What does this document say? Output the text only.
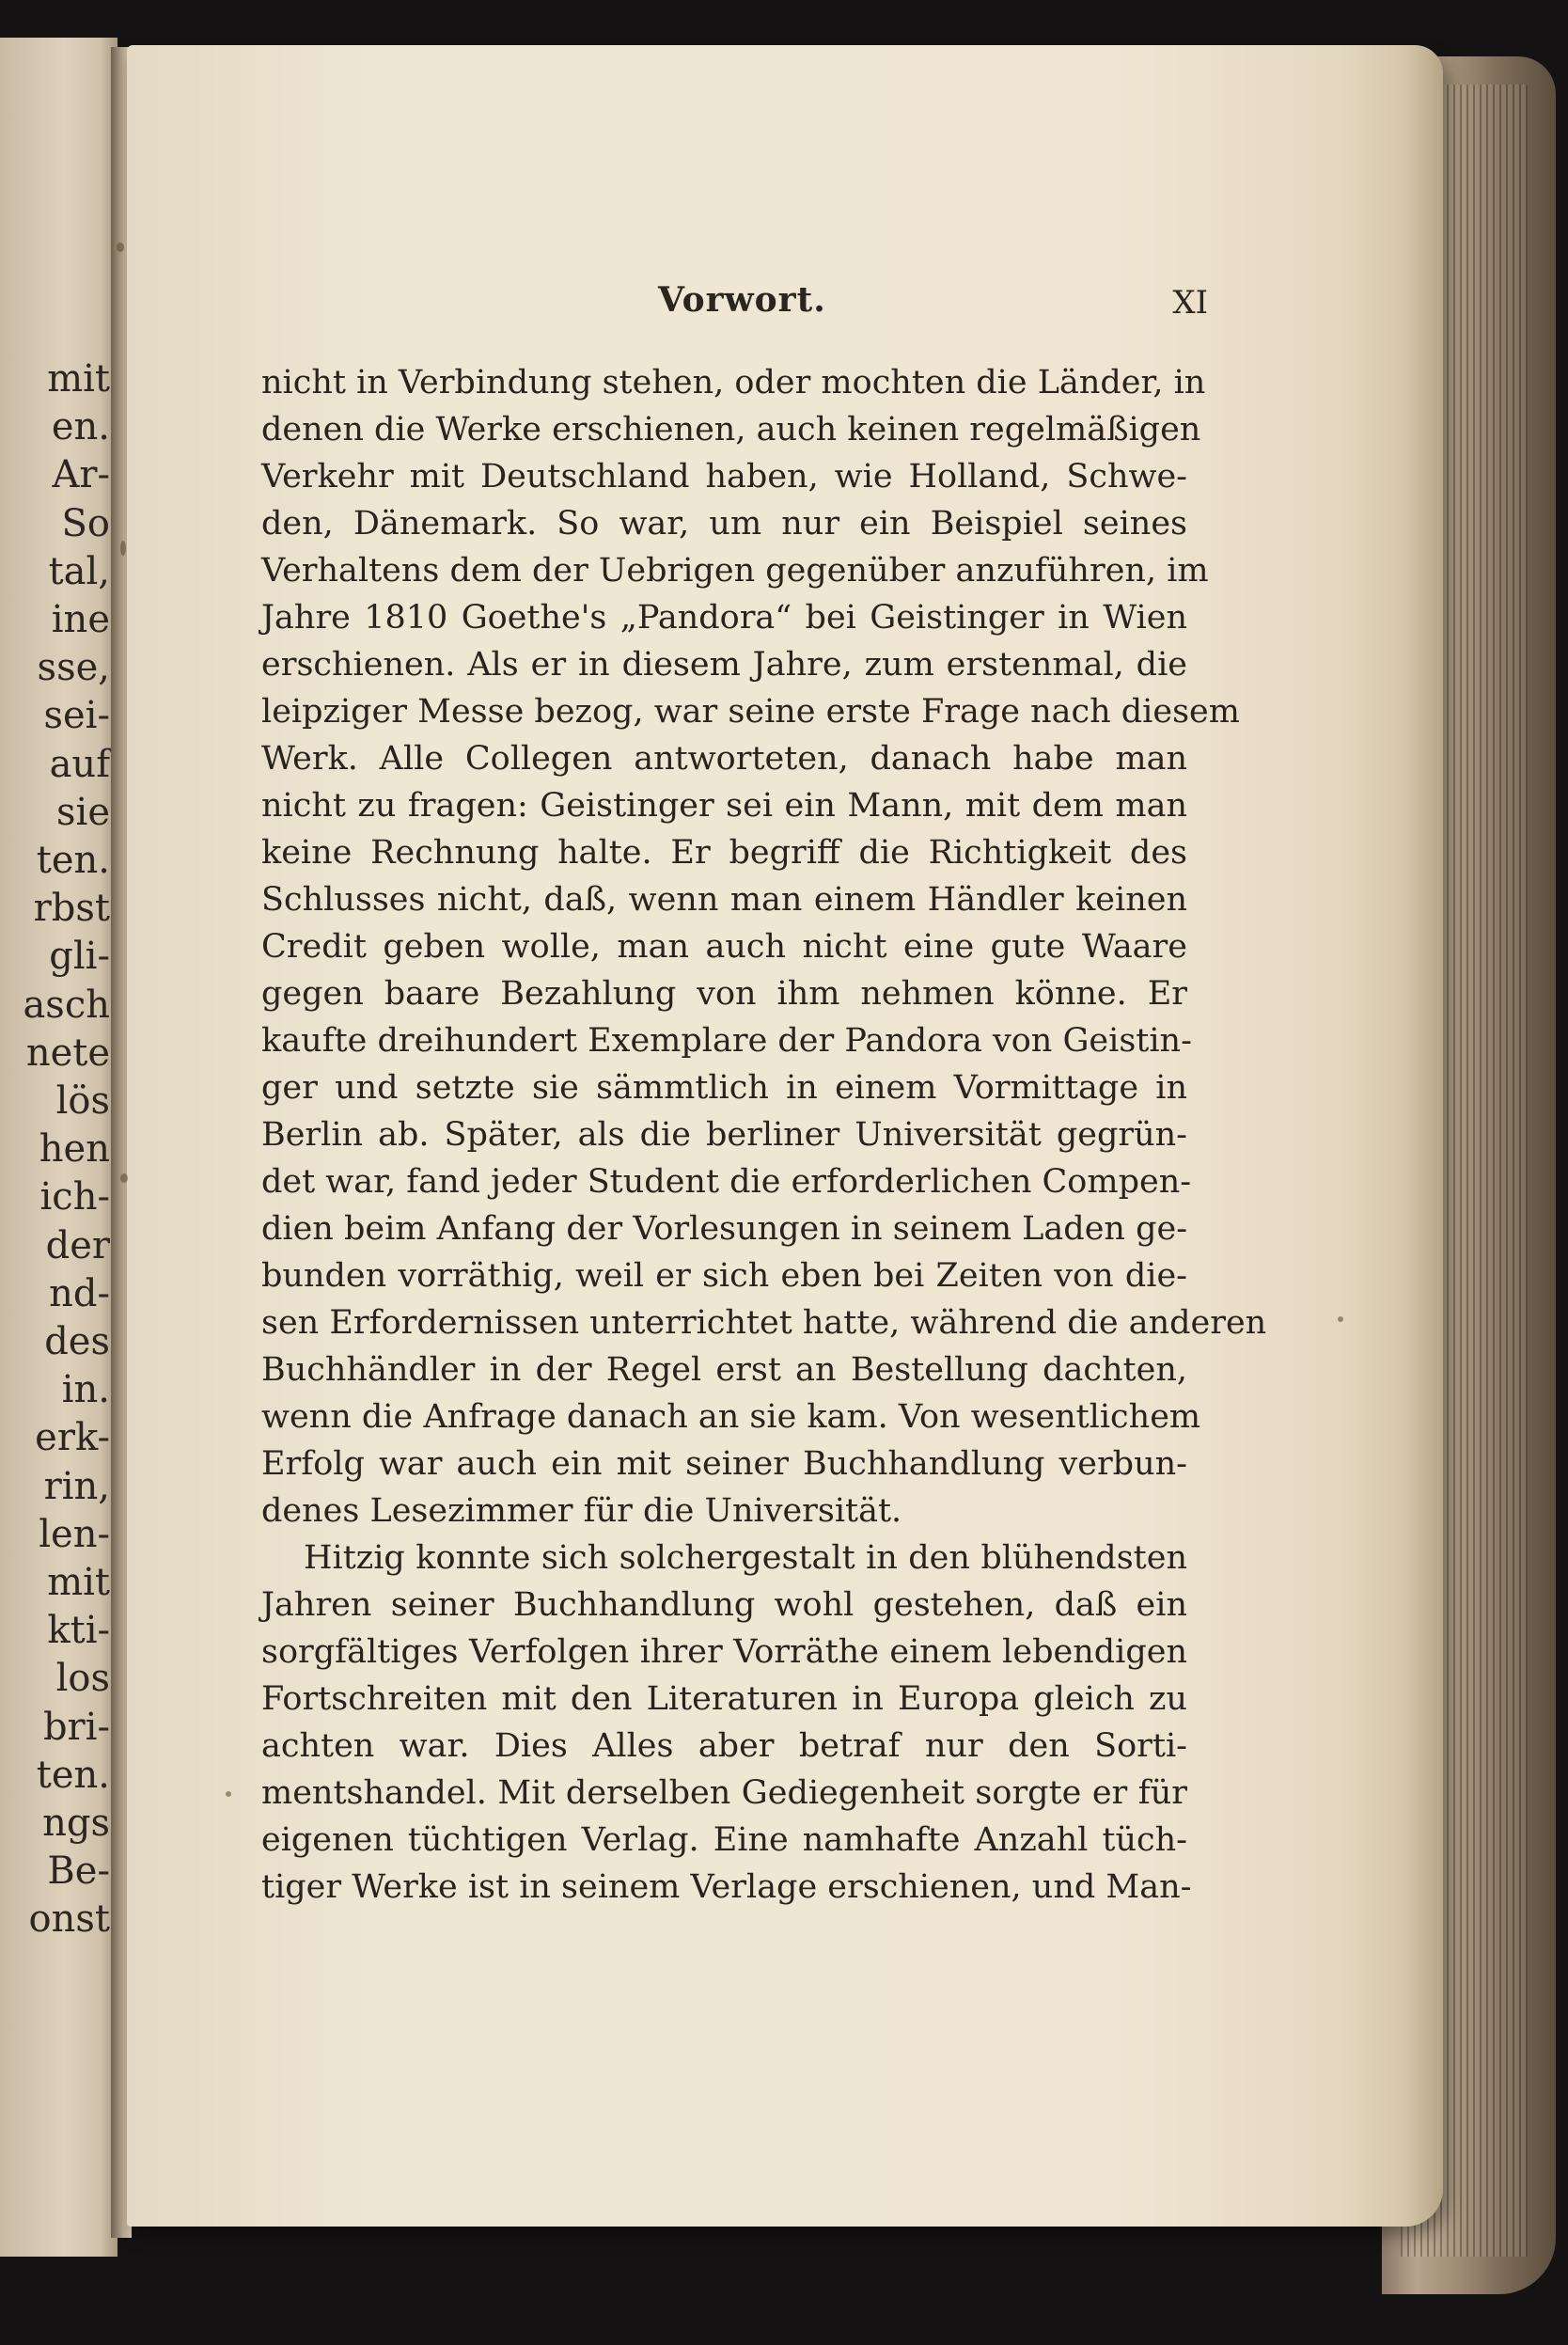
mit
en.
Ar-
So
tal,
ine
sse,
sei-
auf
sie
ten.
rbst
gli-
asch
nete
lös
hen
ich-
der
nd-
des
in.
erk-
rin,
len-
mit
kti-
los
bri-
ten.
ngs
Be-
onst
Vorwort.	XI
nicht in Verbindung stehen, oder mochten die Länder, in
denen die Werke erschienen, auch keinen regelmäßigen
Verkehr mit Deutschland haben, wie Holland, Schwe-
den, Dänemark. So war, um nur ein Beispiel seines
Verhaltens dem der Uebrigen gegenüber anzuführen, im
Jahre 1810 Goethe's „Pandora“ bei Geistinger in Wien
erschienen. Als er in diesem Jahre, zum erstenmal, die
leipziger Messe bezog, war seine erste Frage nach diesem
Werk. Alle Collegen antworteten, danach habe man
nicht zu fragen: Geistinger sei ein Mann, mit dem man
keine Rechnung halte. Er begriff die Richtigkeit des
Schlusses nicht, daß, wenn man einem Händler keinen
Credit geben wolle, man auch nicht eine gute Waare
gegen baare Bezahlung von ihm nehmen könne. Er
kaufte dreihundert Exemplare der Pandora von Geistin-
ger und setzte sie sämmtlich in einem Vormittage in
Berlin ab. Später, als die berliner Universität gegrün-
det war, fand jeder Student die erforderlichen Compen-
dien beim Anfang der Vorlesungen in seinem Laden ge-
bunden vorräthig, weil er sich eben bei Zeiten von die-
sen Erfordernissen unterrichtet hatte, während die anderen
Buchhändler in der Regel erst an Bestellung dachten,
wenn die Anfrage danach an sie kam. Von wesentlichem
Erfolg war auch ein mit seiner Buchhandlung verbun-
denes Lesezimmer für die Universität.
Hitzig konnte sich solchergestalt in den blühendsten
Jahren seiner Buchhandlung wohl gestehen, daß ein
sorgfältiges Verfolgen ihrer Vorräthe einem lebendigen
Fortschreiten mit den Literaturen in Europa gleich zu
achten war. Dies Alles aber betraf nur den Sorti-
mentshandel. Mit derselben Gediegenheit sorgte er für
eigenen tüchtigen Verlag. Eine namhafte Anzahl tüch-
tiger Werke ist in seinem Verlage erschienen, und Man-
